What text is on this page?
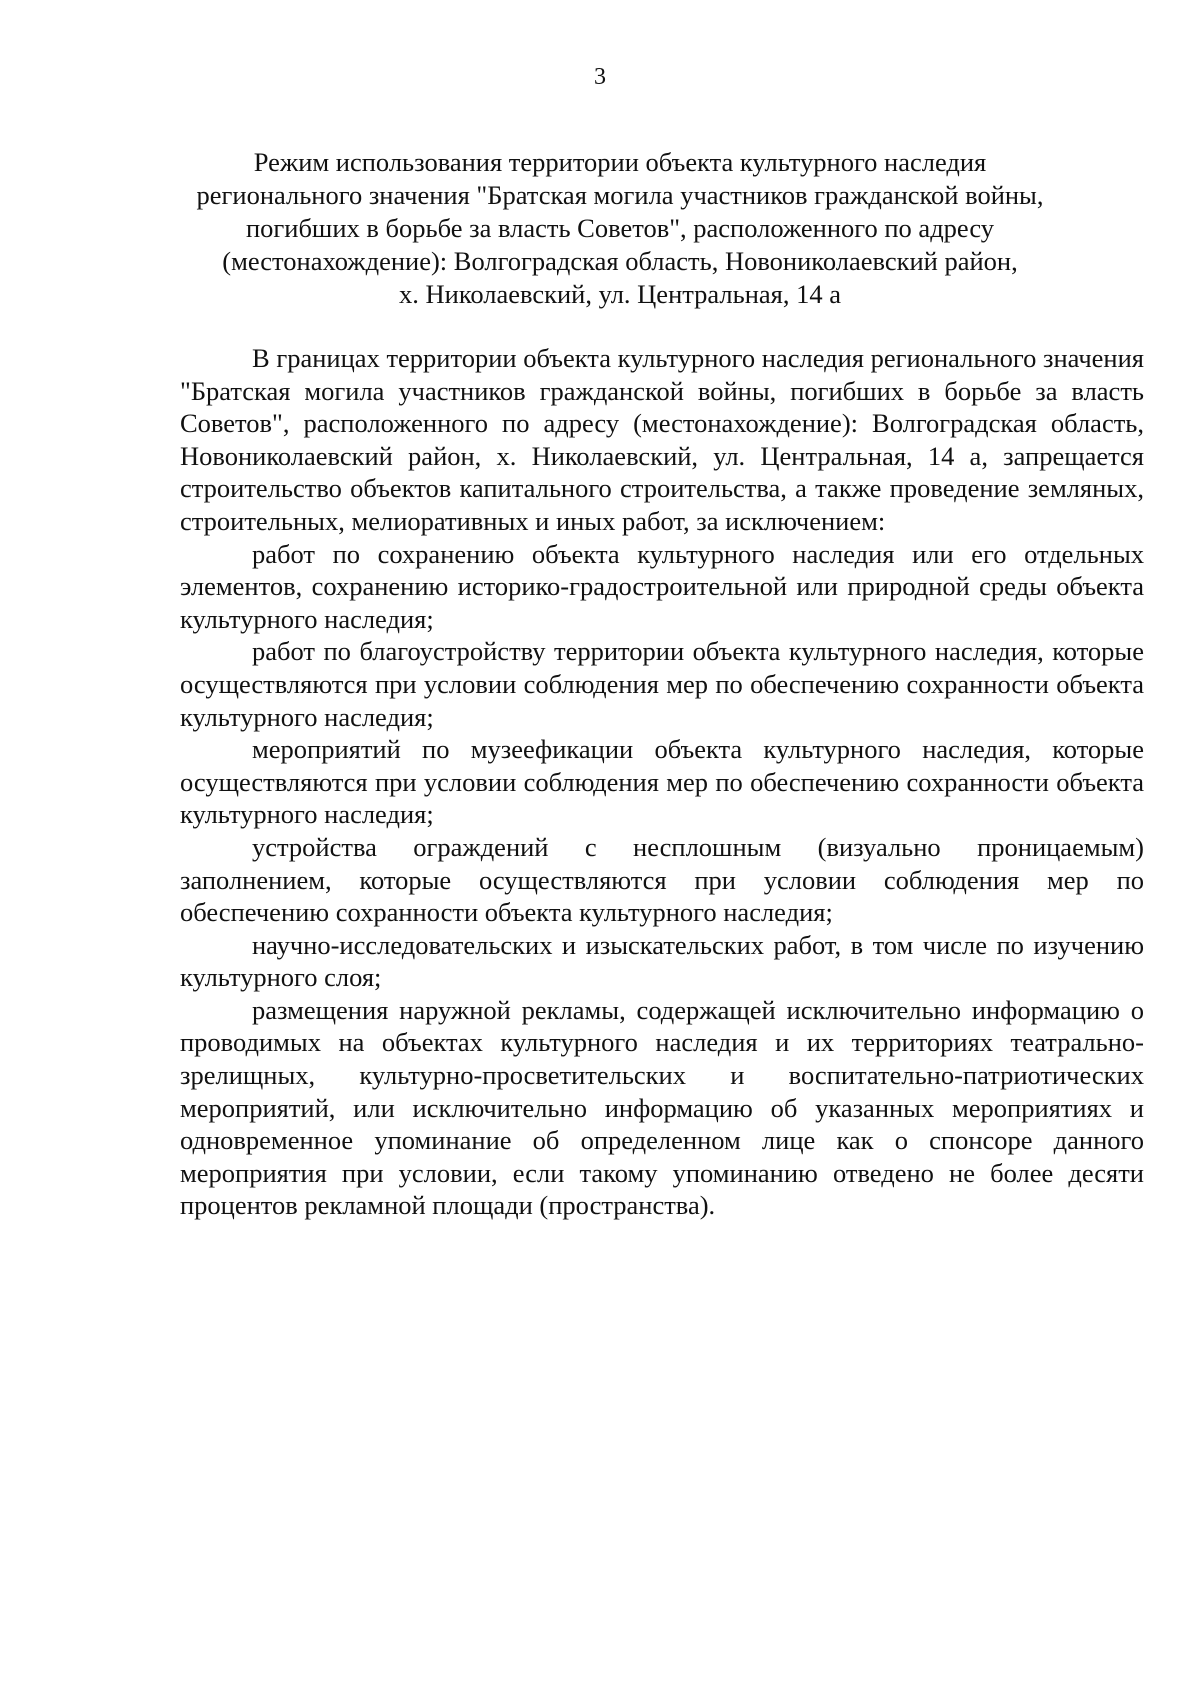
3
Режим использования территории объекта культурного наследия
регионального значения "Братская могила участников гражданской войны,
погибших в борьбе за власть Советов", расположенного по адресу
(местонахождение): Волгоградская область, Новониколаевский район,
х. Николаевский, ул. Центральная, 14 а

В границах территории объекта культурного наследия регионального значения "Братская могила участников гражданской войны, погибших в борьбе за власть Советов", расположенного по адресу (местонахождение): Волгоградская область, Новониколаевский район, х. Николаевский, ул. Центральная, 14 а, запрещается строительство объектов капитального строительства, а также проведение земляных, строительных, мелиоративных и иных работ, за исключением:

работ по сохранению объекта культурного наследия или его отдельных элементов, сохранению историко-градостроительной или природной среды объекта культурного наследия;

работ по благоустройству территории объекта культурного наследия, которые осуществляются при условии соблюдения мер по обеспечению сохранности объекта культурного наследия;

мероприятий по музеефикации объекта культурного наследия, которые осуществляются при условии соблюдения мер по обеспечению сохранности объекта культурного наследия;

устройства ограждений с несплошным (визуально проницаемым) заполнением, которые осуществляются при условии соблюдения мер по обеспечению сохранности объекта культурного наследия;

научно-исследовательских и изыскательских работ, в том числе по изучению культурного слоя;

размещения наружной рекламы, содержащей исключительно информацию о проводимых на объектах культурного наследия и их территориях театрально-зрелищных, культурно-просветительских и воспитательно-патриотических мероприятий, или исключительно информацию об указанных мероприятиях и одновременное упоминание об определенном лице как о спонсоре данного мероприятия при условии, если такому упоминанию отведено не более десяти процентов рекламной площади (пространства).
